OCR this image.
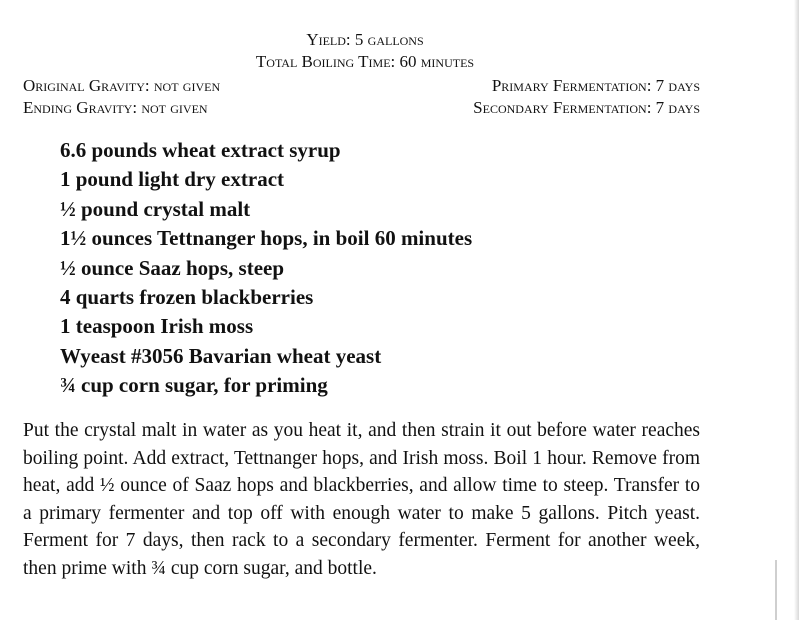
Yield: 5 gallons
Total Boiling Time: 60 minutes
Original Gravity: not given	Primary Fermentation: 7 days
Ending Gravity: not given	Secondary Fermentation: 7 days
6.6 pounds wheat extract syrup
1 pound light dry extract
½ pound crystal malt
1½ ounces Tettnanger hops, in boil 60 minutes
½ ounce Saaz hops, steep
4 quarts frozen blackberries
1 teaspoon Irish moss
Wyeast #3056 Bavarian wheat yeast
¾ cup corn sugar, for priming

Put the crystal malt in water as you heat it, and then strain it out before water reaches boiling point. Add extract, Tettnanger hops, and Irish moss. Boil 1 hour. Remove from heat, add ½ ounce of Saaz hops and blackberries, and allow time to steep. Transfer to a primary fermenter and top off with enough water to make 5 gallons. Pitch yeast. Ferment for 7 days, then rack to a secondary fermenter. Ferment for another week, then prime with ¾ cup corn sugar, and bottle.
